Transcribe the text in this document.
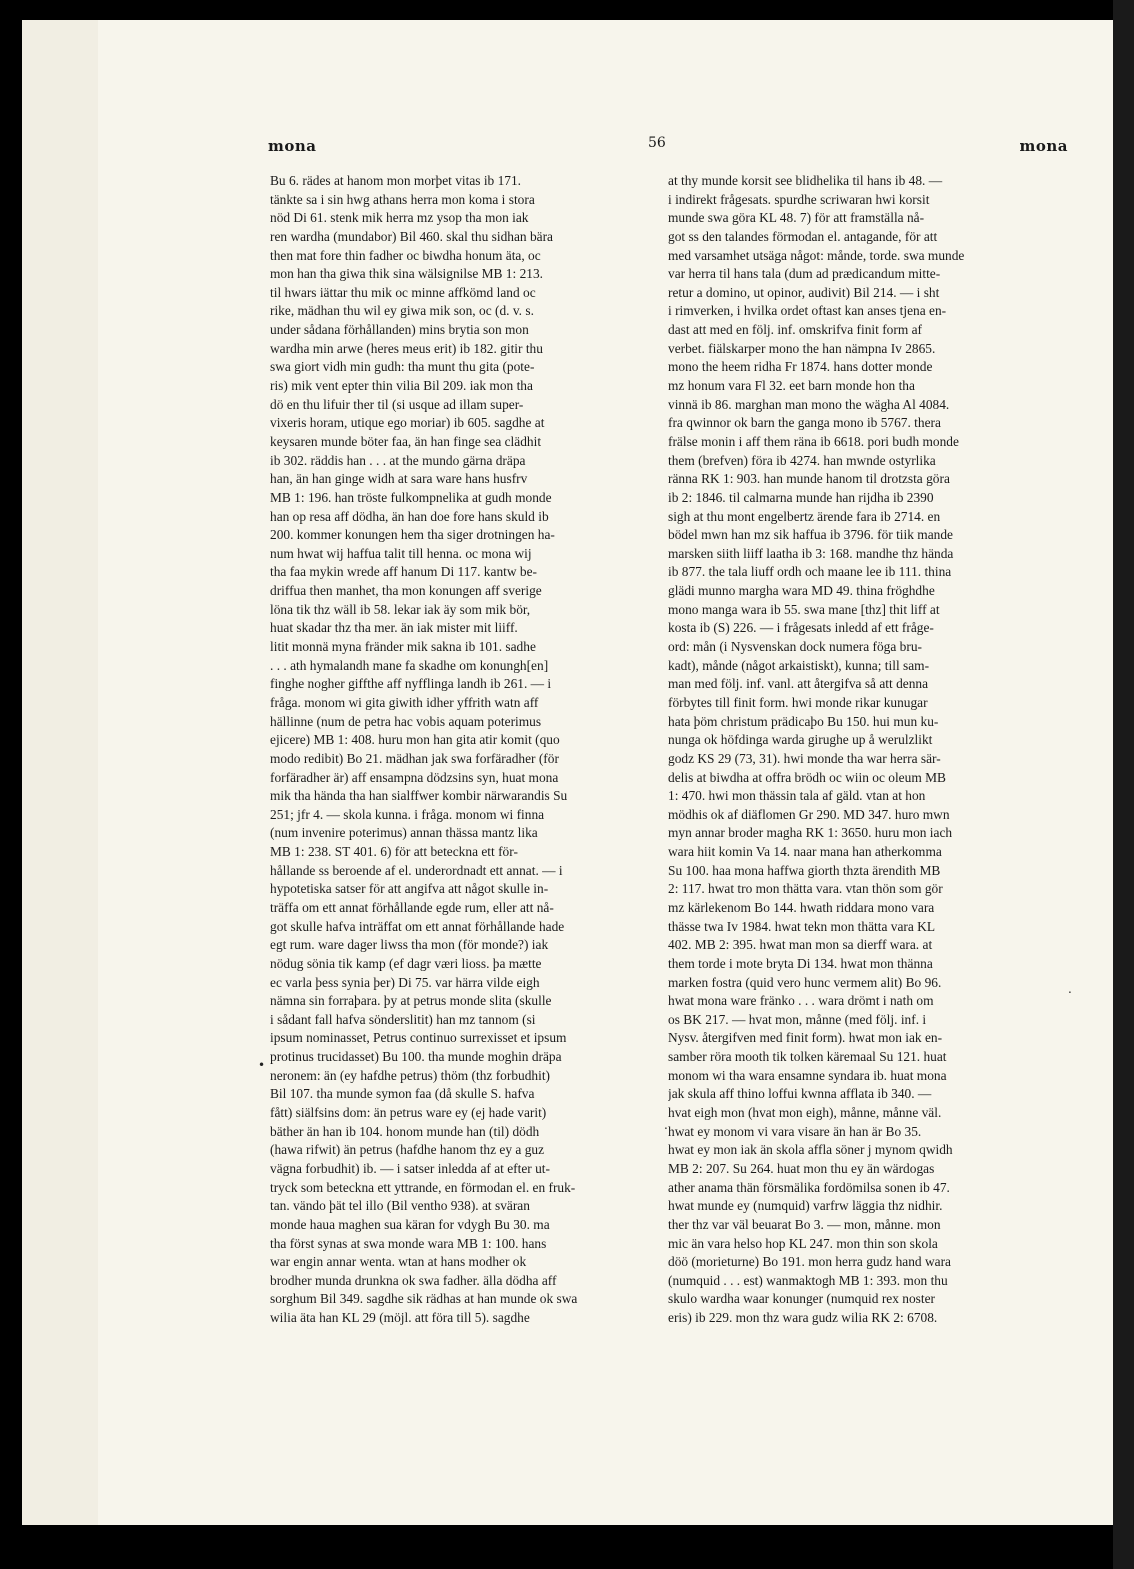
mona	56	mona
Bu 6. rädes at hanom mon morþet vitas ib 171.
tänkte sa i sin hwg athans herra mon koma i stora
nöd Di 61. stenk mik herra mz ysop tha mon iak
ren wardha (mundabor) Bil 460. skal thu sidhan bära
then mat fore thin fadher oc biwdha honum äta, oc
mon han tha giwa thik sina wälsignilse MB 1: 213.
til hwars iättar thu mik oc minne affkömd land oc
rike, mädhan thu wil ey giwa mik son, oc (d. v. s.
under sådana förhållanden) mins brytia son mon
wardha min arwe (heres meus erit) ib 182. gitir thu
swa giort vidh min gudh: tha munt thu gita (pote-
ris) mik vent epter thin vilia Bil 209. iak mon tha
dö en thu lifuir ther til (si usque ad illam super-
vixeris horam, utique ego moriar) ib 605. sagdhe at
keysaren munde böter faa, än han finge sea clädhit
ib 302. räddis han . . . at the mundo gärna dräpa
han, än han ginge widh at sara ware hans husfrv
MB 1: 196. han tröste fulkompnelika at gudh monde
han op resa aff dödha, än han doe fore hans skuld ib
200. kommer konungen hem tha siger drotningen ha-
num hwat wij haffua talit till henna. oc mona wij
tha faa mykin wrede aff hanum Di 117. kantw be-
driffua then manhet, tha mon konungen aff sverige
löna tik thz wäll ib 58. lekar iak äy som mik bör,
huat skadar thz tha mer. än iak mister mit liiff.
litit monnä myna fränder mik sakna ib 101. sadhe
. . . ath hymalandh mane fa skadhe om konungh[en]
finghe nogher giffthe aff nyfflinga landh ib 261. — i
fråga. monom wi gita giwith idher yffrith watn aff
hällinne (num de petra hac vobis aquam poterimus
ejicere) MB 1: 408. huru mon han gita atir komit (quo
modo redibit) Bo 21. mädhan jak swa forfäradher (för
forfäradher är) aff ensampna dödzsins syn, huat mona
mik tha hända tha han sialffwer kombir närwarandis Su
251; jfr 4. — skola kunna. i fråga. monom wi finna
(num invenire poterimus) annan thässa mantz lika
MB 1: 238. ST 401. 6) för att beteckna ett för-
hållande ss beroende af el. underordnadt ett annat. — i
hypotetiska satser för att angifva att något skulle in-
träffa om ett annat förhållande egde rum, eller att nå-
got skulle hafva inträffat om ett annat förhållande hade
egt rum. ware dager liwss tha mon (för monde?) iak
nödug sönia tik kamp (ef dagr væri lioss. þa mætte
ec varla þess synia þer) Di 75. var härra vilde eigh
nämna sin forraþara. þy at petrus monde slita (skulle
i sådant fall hafva sönderslitit) han mz tannom (si
ipsum nominasset, Petrus continuo surrexisset et ipsum
protinus trucidasset) Bu 100. tha munde moghin dräpa
neronem: än (ey hafdhe petrus) thöm (thz forbudhit)
Bil 107. tha munde symon faa (då skulle S. hafva
fått) siälfsins dom: än petrus ware ey (ej hade varit)
bäther än han ib 104. honom munde han (til) dödh
(hawa rifwit) än petrus (hafdhe hanom thz ey a guz
vägna forbudhit) ib. — i satser inledda af at efter ut-
tryck som beteckna ett yttrande, en förmodan el. en fruk-
tan. vändo þät tel illo (Bil ventho 938). at sväran
monde haua maghen sua käran for vdygh Bu 30. ma
tha först synas at swa monde wara MB 1: 100. hans
war engin annar wenta. wtan at hans modher ok
brodher munda drunkna ok swa fadher. älla dödha aff
sorghum Bil 349. sagdhe sik rädhas at han munde ok swa
wilia äta han KL 29 (möjl. att föra till 5). sagdhe
at thy munde korsit see blidhelika til hans ib 48. —
i indirekt frågesats. spurdhe scriwaran hwi korsit
munde swa göra KL 48. 7) för att framställa nå-
got ss den talandes förmodan el. antagande, för att
med varsamhet utsäga något: månde, torde. swa munde
var herra til hans tala (dum ad prædicandum mitte-
retur a domino, ut opinor, audivit) Bil 214. — i sht
i rimverken, i hvilka ordet oftast kan anses tjena en-
dast att med en följ. inf. omskrifva finit form af
verbet. fiälskarper mono the han nämpna Iv 2865.
mono the heem ridha Fr 1874. hans dotter monde
mz honum vara Fl 32. eet barn monde hon tha
vinnä ib 86. marghan man mono the wägha Al 4084.
fra qwinnor ok barn the ganga mono ib 5767. thera
frälse monin i aff them räna ib 6618. pori budh monde
them (brefven) föra ib 4274. han mwnde ostyrlika
ränna RK 1: 903. han munde hanom til drotzsta göra
ib 2: 1846. til calmarna munde han rijdha ib 2390
sigh at thu mont engelbertz ärende fara ib 2714. en
bödel mwn han mz sik haffua ib 3796. för tiik mande
marsken siith liiff laatha ib 3: 168. mandhe thz hända
ib 877. the tala liuff ordh och maane lee ib 111. thina
glädi munno margha wara MD 49. thina fröghdhe
mono manga wara ib 55. swa mane [thz] thit liff at
kosta ib (S) 226. — i frågesats inledd af ett fråge-
ord: mån (i Nysvenskan dock numera föga bru-
kadt), månde (något arkaistiskt), kunna; till sam-
man med följ. inf. vanl. att återgifva så att denna
förbytes till finit form. hwi monde rikar kunugar
hata þöm christum prädicaþo Bu 150. hui mun ku-
nunga ok höfdinga warda girughe up å werulzlikt
godz KS 29 (73, 31). hwi monde tha war herra sär-
delis at biwdha at offra brödh oc wiin oc oleum MB
1: 470. hwi mon thässin tala af gäld. vtan at hon
mödhis ok af diäflomen Gr 290. MD 347. huro mwn
myn annar broder magha RK 1: 3650. huru mon iach
wara hiit komin Va 14. naar mana han atherkomma
Su 100. haa mona haffwa giorth thzta ärendith MB
2: 117. hwat tro mon thätta vara. vtan thön som gör
mz kärlekenom Bo 144. hwath riddara mono vara
thässe twa Iv 1984. hwat tekn mon thätta vara KL
402. MB 2: 395. hwat man mon sa dierff wara. at
them torde i mote bryta Di 134. hwat mon thänna
marken fostra (quid vero hunc vermem alit) Bo 96.
hwat mona ware fränko . . . wara drömt i nath om
os BK 217. — hvat mon, månne (med följ. inf. i
Nysv. återgifven med finit form). hwat mon iak en-
samber röra mooth tik tolken käremaal Su 121. huat
monom wi tha wara ensamne syndara ib. huat mona
jak skula aff thino loffui kwnna afflata ib 340. —
hvat eigh mon (hvat mon eigh), månne, månne väl.
hwat ey monom vi vara visare än han är Bo 35.
hwat ey mon iak än skola affla söner j mynom qwidh
MB 2: 207. Su 264. huat mon thu ey än wärdogas
ather anama thän försmälika fordömilsa sonen ib 47.
hwat munde ey (numquid) varfrw läggia thz nidhir.
ther thz var väl beuarat Bo 3. — mon, månne. mon
mic än vara helso hop KL 247. mon thin son skola
döö (morieturne) Bo 191. mon herra gudz hand wara
(numquid . . . est) wanmaktogh MB 1: 393. mon thu
skulo wardha waar konunger (numquid rex noster
eris) ib 229. mon thz wara gudz wilia RK 2: 6708.
•
.
.
